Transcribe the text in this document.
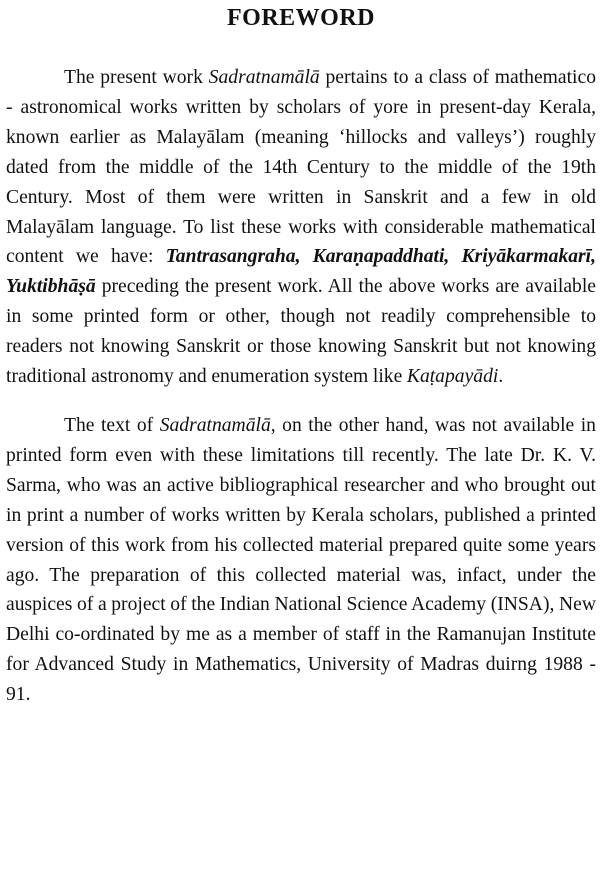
FOREWORD

The present work Sadratnamālā pertains to a class of mathematico - astronomical works written by scholars of yore in present-day Kerala, known earlier as Malayālam (meaning ‘hillocks and valleys’) roughly dated from the middle of the 14th Century to the middle of the 19th Century. Most of them were written in Sanskrit and a few in old Malayālam language. To list these works with considerable mathematical content we have: Tantrasangraha, Karaṇapaddhati, Kriyākarmakarī, Yuktibhāṣā preceding the present work. All the above works are available in some printed form or other, though not readily comprehensible to readers not knowing Sanskrit or those knowing Sanskrit but not knowing traditional astronomy and enumeration system like Kaṭapayādi.

The text of Sadratnamālā, on the other hand, was not available in printed form even with these limitations till recently. The late Dr. K. V. Sarma, who was an active bibliographical researcher and who brought out in print a number of works written by Kerala scholars, published a printed version of this work from his collected material prepared quite some years ago. The preparation of this collected material was, infact, under the auspices of a project of the Indian National Science Academy (INSA), New Delhi co-ordinated by me as a member of staff in the Ramanujan Institute for Advanced Study in Mathematics, University of Madras duirng 1988 - 91.
